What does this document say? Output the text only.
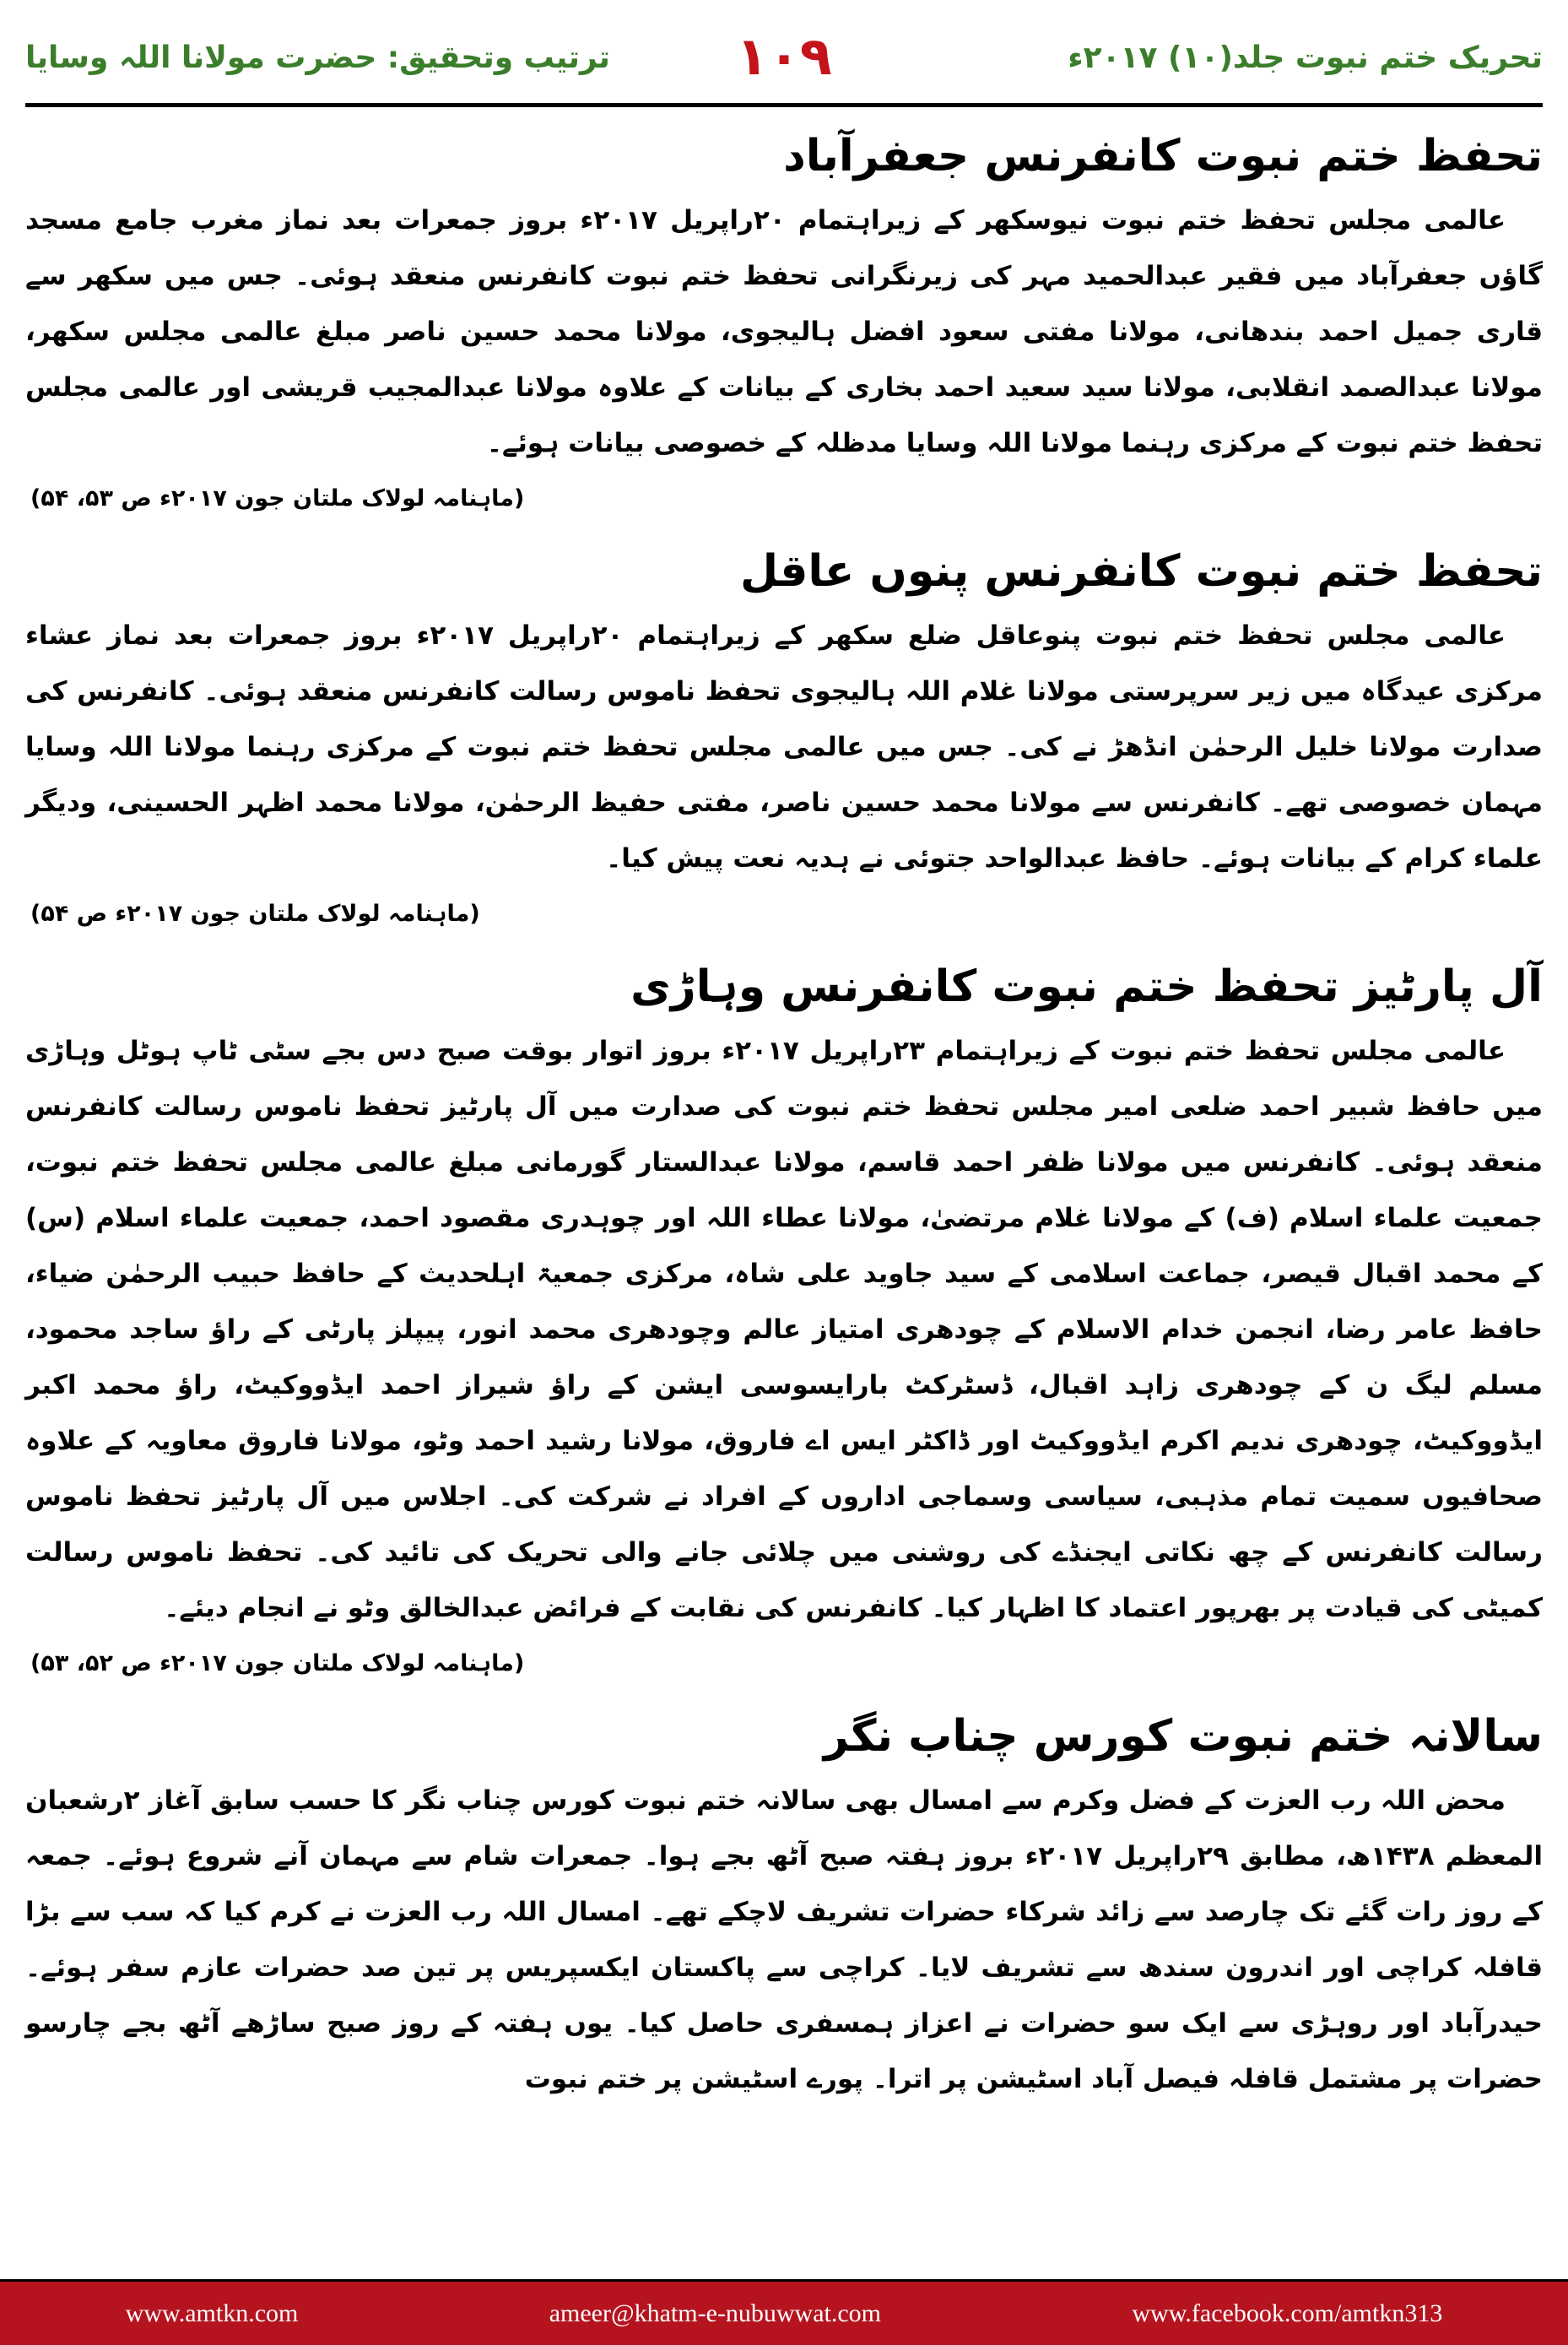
ترتیب وتحقیق: حضرت مولانا اللہ وسایا ۱۰۹	تحریک ختم نبوت جلد(۱۰) ۲۰۱۷ء
تحفظ ختم نبوت کانفرنس جعفرآباد

عالمی مجلس تحفظ ختم نبوت نیوسکھر کے زیراہتمام ۲۰راپریل ۲۰۱۷ء بروز جمعرات بعد نماز مغرب جامع مسجد گاؤں جعفرآباد میں فقیر عبدالحمید مہر کی زیرنگرانی تحفظ ختم نبوت کانفرنس منعقد ہوئی۔ جس میں سکھر سے قاری جمیل احمد بندھانی، مولانا مفتی سعود افضل ہالیجوی، مولانا محمد حسین ناصر مبلغ عالمی مجلس سکھر، مولانا عبدالصمد انقلابی، مولانا سید سعید احمد بخاری کے بیانات کے علاوہ مولانا عبدالمجیب قریشی اور عالمی مجلس تحفظ ختم نبوت کے مرکزی رہنما مولانا اللہ وسایا مدظلہ کے خصوصی بیانات ہوئے۔

(ماہنامہ لولاک ملتان جون ۲۰۱۷ء ص ۵۳، ۵۴)
تحفظ ختم نبوت کانفرنس پنوں عاقل

عالمی مجلس تحفظ ختم نبوت پنوعاقل ضلع سکھر کے زیراہتمام ۲۰راپریل ۲۰۱۷ء بروز جمعرات بعد نماز عشاء مرکزی عیدگاہ میں زیر سرپرستی مولانا غلام اللہ ہالیجوی تحفظ ناموس رسالت کانفرنس منعقد ہوئی۔ کانفرنس کی صدارت مولانا خلیل الرحمٰن انڈھڑ نے کی۔ جس میں عالمی مجلس تحفظ ختم نبوت کے مرکزی رہنما مولانا اللہ وسایا مہمان خصوصی تھے۔ کانفرنس سے مولانا محمد حسین ناصر، مفتی حفیظ الرحمٰن، مولانا محمد اظہر الحسینی، ودیگر علماء کرام کے بیانات ہوئے۔ حافظ عبدالواحد جتوئی نے ہدیہ نعت پیش کیا۔

(ماہنامہ لولاک ملتان جون ۲۰۱۷ء ص ۵۴)
آل پارٹیز تحفظ ختم نبوت کانفرنس وہاڑی

عالمی مجلس تحفظ ختم نبوت کے زیراہتمام ۲۳راپریل ۲۰۱۷ء بروز اتوار بوقت صبح دس بجے سٹی ٹاپ ہوٹل وہاڑی میں حافظ شبیر احمد ضلعی امیر مجلس تحفظ ختم نبوت کی صدارت میں آل پارٹیز تحفظ ناموس رسالت کانفرنس منعقد ہوئی۔ کانفرنس میں مولانا ظفر احمد قاسم، مولانا عبدالستار گورمانی مبلغ عالمی مجلس تحفظ ختم نبوت، جمعیت علماء اسلام (ف) کے مولانا غلام مرتضیٰ، مولانا عطاء اللہ اور چوہدری مقصود احمد، جمعیت علماء اسلام (س) کے محمد اقبال قیصر، جماعت اسلامی کے سید جاوید علی شاہ، مرکزی جمعیۃ اہلحدیث کے حافظ حبیب الرحمٰن ضیاء، حافظ عامر رضا، انجمن خدام الاسلام کے چودھری امتیاز عالم وچودھری محمد انور، پیپلز پارٹی کے راؤ ساجد محمود، مسلم لیگ ن کے چودھری زاہد اقبال، ڈسٹرکٹ بارایسوسی ایشن کے راؤ شیراز احمد ایڈووکیٹ، راؤ محمد اکبر ایڈووکیٹ، چودھری ندیم اکرم ایڈووکیٹ اور ڈاکٹر ایس اے فاروق، مولانا رشید احمد وٹو، مولانا فاروق معاویہ کے علاوہ صحافیوں سمیت تمام مذہبی، سیاسی وسماجی اداروں کے افراد نے شرکت کی۔ اجلاس میں آل پارٹیز تحفظ ناموس رسالت کانفرنس کے چھ نکاتی ایجنڈے کی روشنی میں چلائی جانے والی تحریک کی تائید کی۔ تحفظ ناموس رسالت کمیٹی کی قیادت پر بھرپور اعتماد کا اظہار کیا۔ کانفرنس کی نقابت کے فرائض عبدالخالق وٹو نے انجام دیئے۔

(ماہنامہ لولاک ملتان جون ۲۰۱۷ء ص ۵۲، ۵۳)
سالانہ ختم نبوت کورس چناب نگر

محض اللہ رب العزت کے فضل وکرم سے امسال بھی سالانہ ختم نبوت کورس چناب نگر کا حسب سابق آغاز ۲رشعبان المعظم ۱۴۳۸ھ، مطابق ۲۹راپریل ۲۰۱۷ء بروز ہفتہ صبح آٹھ بجے ہوا۔ جمعرات شام سے مہمان آنے شروع ہوئے۔ جمعہ کے روز رات گئے تک چارصد سے زائد شرکاء حضرات تشریف لاچکے تھے۔ امسال اللہ رب العزت نے کرم کیا کہ سب سے بڑا قافلہ کراچی اور اندرون سندھ سے تشریف لایا۔ کراچی سے پاکستان ایکسپریس پر تین صد حضرات عازم سفر ہوئے۔ حیدرآباد اور روہڑی سے ایک سو حضرات نے اعزاز ہمسفری حاصل کیا۔ یوں ہفتہ کے روز صبح ساڑھے آٹھ بجے چارسو حضرات پر مشتمل قافلہ فیصل آباد اسٹیشن پر اترا۔ پورے اسٹیشن پر ختم نبوت

www.amtkn.com	ameer@khatm-e-nubuwwat.com	www.facebook.com/amtkn313
